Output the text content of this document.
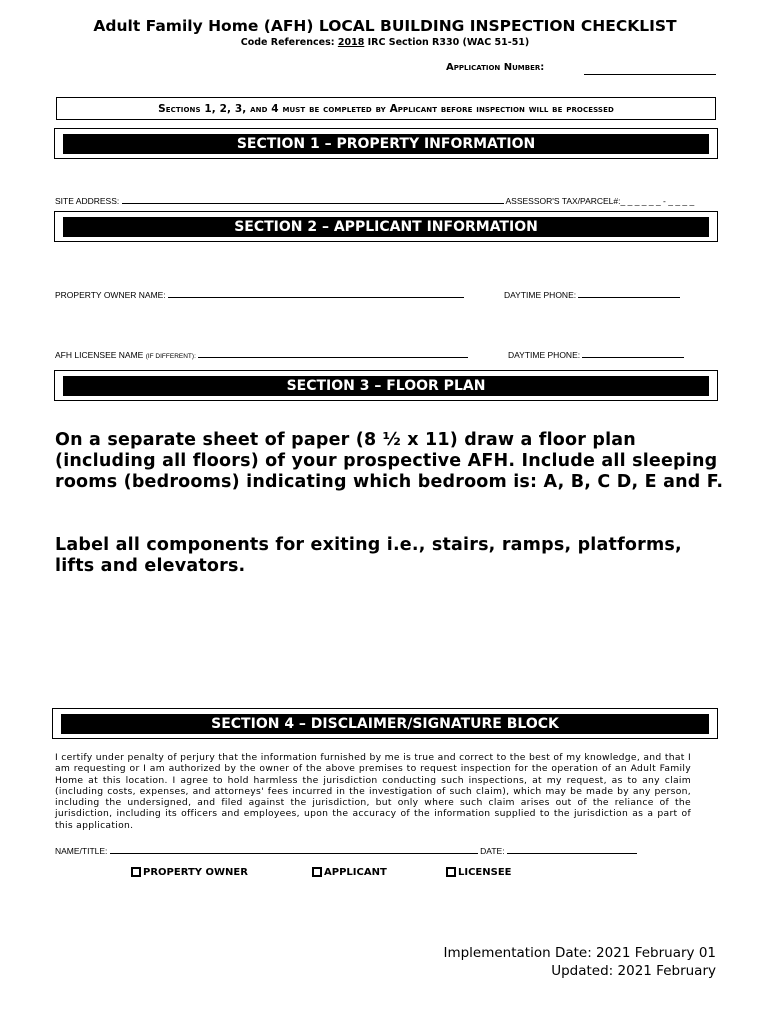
Adult Family Home (AFH) LOCAL BUILDING INSPECTION CHECKLIST
Code References: 2018 IRC Section R330 (WAC 51-51)
Application Number:
Sections 1, 2, 3, and 4 must be completed by Applicant before inspection will be processed
SECTION 1 – PROPERTY INFORMATION
SITE ADDRESS:	ASSESSOR'S TAX/PARCEL#:_ _ _ _ _ _ - _ _ _ _
SECTION 2 – APPLICANT INFORMATION
PROPERTY OWNER NAME:	DAYTIME PHONE:
AFH LICENSEE NAME (IF DIFFERENT):	DAYTIME PHONE:
SECTION 3 – FLOOR PLAN
On a separate sheet of paper (8 ½ x 11) draw a floor plan (including all floors) of your prospective AFH. Include all sleeping rooms (bedrooms) indicating which bedroom is: A, B, C D, E and F.
Label all components for exiting i.e., stairs, ramps, platforms, lifts and elevators.
SECTION 4 – DISCLAIMER/SIGNATURE BLOCK
I certify under penalty of perjury that the information furnished by me is true and correct to the best of my knowledge, and that I am requesting or I am authorized by the owner of the above premises to request inspection for the operation of an Adult Family Home at this location. I agree to hold harmless the jurisdiction conducting such inspections, at my request, as to any claim (including costs, expenses, and attorneys' fees incurred in the investigation of such claim), which may be made by any person, including the undersigned, and filed against the jurisdiction, but only where such claim arises out of the reliance of the jurisdiction, including its officers and employees, upon the accuracy of the information supplied to the jurisdiction as a part of this application.
NAME/TITLE:	DATE:
PROPERTY OWNER	APPLICANT	LICENSEE
Implementation Date: 2021 February 01
Updated: 2021 February
